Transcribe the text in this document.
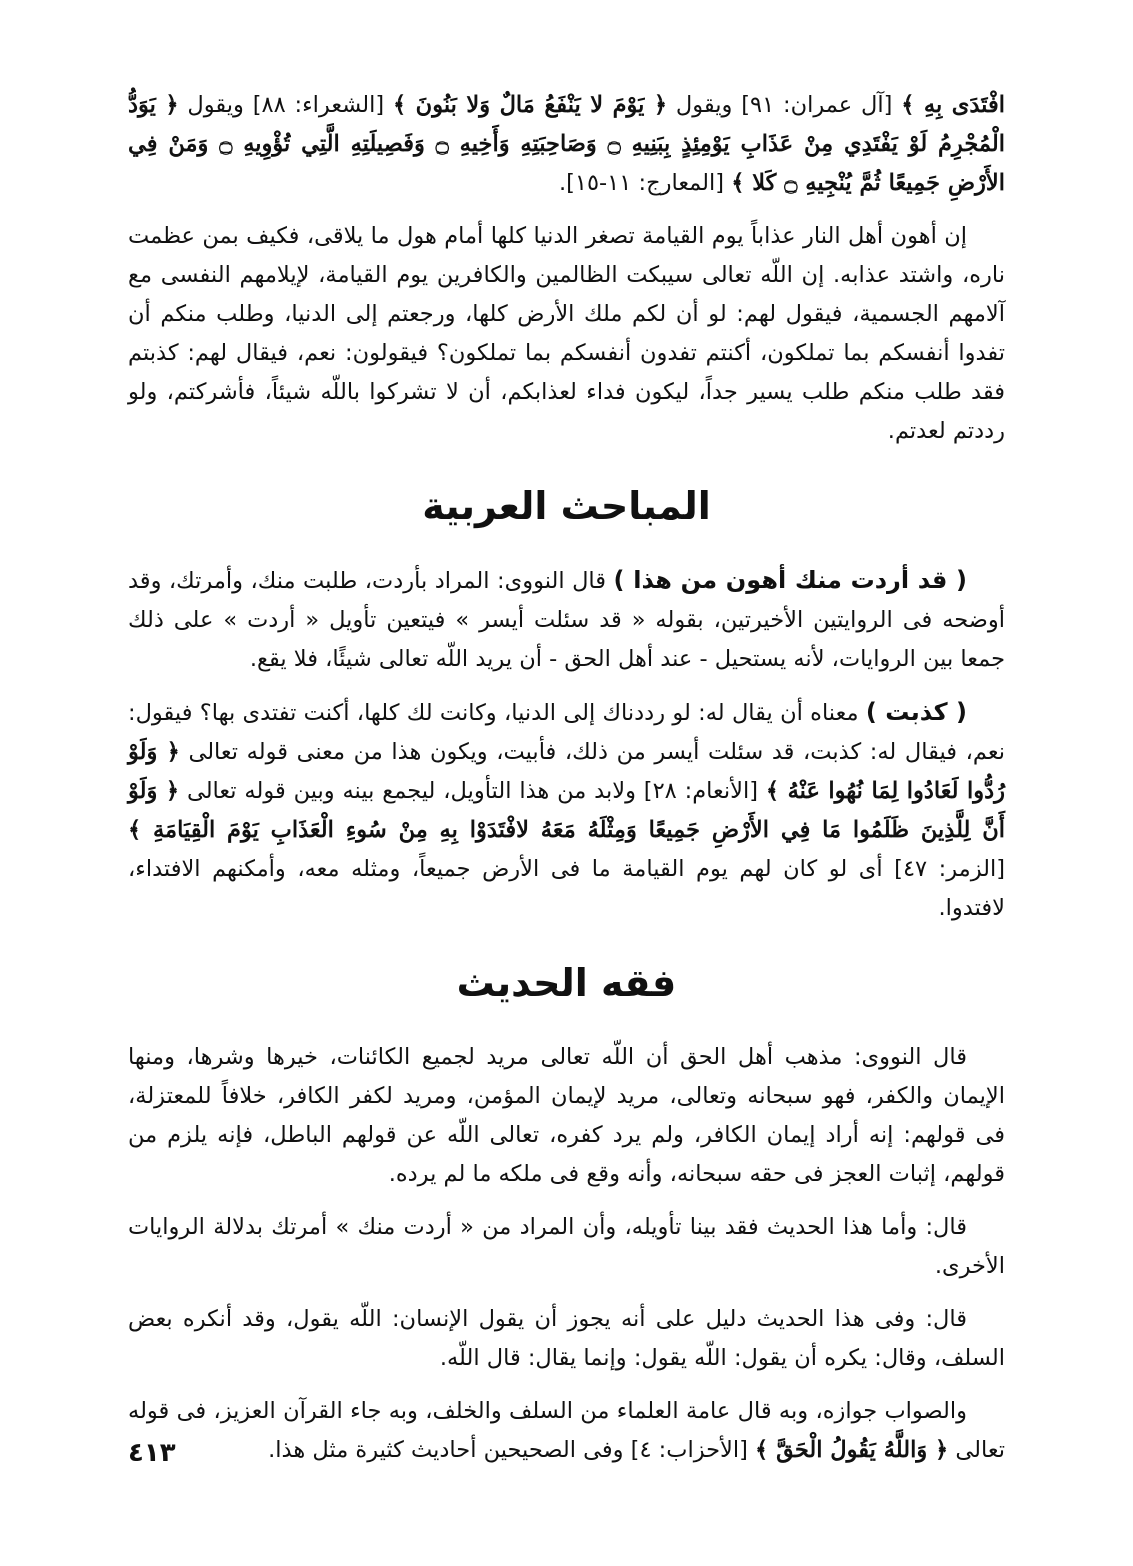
افْتَدَى بِهِ ﴾ [آل عمران: ٩١] ويقول ﴿ يَوْمَ لا يَنْفَعُ مَالٌ وَلا بَنُونَ ﴾ [الشعراء: ٨٨] ويقول ﴿ يَوَدُّ الْمُجْرِمُ لَوْ يَفْتَدِي مِنْ عَذَابِ يَوْمِئِذٍ بِبَنِيهِ ۝ وَصَاحِبَتِهِ وَأَخِيهِ ۝ وَفَصِيلَتِهِ الَّتِي تُؤْوِيهِ ۝ وَمَنْ فِي الأَرْضِ جَمِيعًا ثُمَّ يُنْجِيهِ ۝ كَلا ﴾ [المعارج: ١١-١٥].

إن أهون أهل النار عذاباً يوم القيامة تصغر الدنيا كلها أمام هول ما يلاقى، فكيف بمن عظمت ناره، واشتد عذابه. إن اللّه تعالى سيبكت الظالمين والكافرين يوم القيامة، لإيلامهم النفسى مع آلامهم الجسمية، فيقول لهم: لو أن لكم ملك الأرض كلها، ورجعتم إلى الدنيا، وطلب منكم أن تفدوا أنفسكم بما تملكون، أكنتم تفدون أنفسكم بما تملكون؟ فيقولون: نعم، فيقال لهم: كذبتم فقد طلب منكم طلب يسير جداً، ليكون فداء لعذابكم، أن لا تشركوا باللّه شيئاً، فأشركتم، ولو رددتم لعدتم.

المباحث العربية

( قد أردت منك أهون من هذا ) قال النووى: المراد بأردت، طلبت منك، وأمرتك، وقد أوضحه فى الروايتين الأخيرتين، بقوله « قد سئلت أيسر » فيتعين تأويل « أردت » على ذلك جمعا بين الروايات، لأنه يستحيل - عند أهل الحق - أن يريد اللّه تعالى شيئًا، فلا يقع.

( كذبت ) معناه أن يقال له: لو رددناك إلى الدنيا، وكانت لك كلها، أكنت تفتدى بها؟ فيقول: نعم، فيقال له: كذبت، قد سئلت أيسر من ذلك، فأبيت، ويكون هذا من معنى قوله تعالى ﴿ وَلَوْ رُدُّوا لَعَادُوا لِمَا نُهُوا عَنْهُ ﴾ [الأنعام: ٢٨] ولابد من هذا التأويل، ليجمع بينه وبين قوله تعالى ﴿ وَلَوْ أَنَّ لِلَّذِينَ ظَلَمُوا مَا فِي الأَرْضِ جَمِيعًا وَمِثْلَهُ مَعَهُ لافْتَدَوْا بِهِ مِنْ سُوءِ الْعَذَابِ يَوْمَ الْقِيَامَةِ ﴾ [الزمر: ٤٧] أى لو كان لهم يوم القيامة ما فى الأرض جميعاً، ومثله معه، وأمكنهم الافتداء، لافتدوا.

فقه الحديث

قال النووى: مذهب أهل الحق أن اللّه تعالى مريد لجميع الكائنات، خيرها وشرها، ومنها الإيمان والكفر، فهو سبحانه وتعالى، مريد لإيمان المؤمن، ومريد لكفر الكافر، خلافاً للمعتزلة، فى قولهم: إنه أراد إيمان الكافر، ولم يرد كفره، تعالى اللّه عن قولهم الباطل، فإنه يلزم من قولهم، إثبات العجز فى حقه سبحانه، وأنه وقع فى ملكه ما لم يرده.

قال: وأما هذا الحديث فقد بينا تأويله، وأن المراد من « أردت منك » أمرتك بدلالة الروايات الأخرى.

قال: وفى هذا الحديث دليل على أنه يجوز أن يقول الإنسان: اللّه يقول، وقد أنكره بعض السلف، وقال: يكره أن يقول: اللّه يقول: وإنما يقال: قال اللّه.

والصواب جوازه، وبه قال عامة العلماء من السلف والخلف، وبه جاء القرآن العزيز، فى قوله تعالى ﴿ وَاللَّهُ يَقُولُ الْحَقَّ ﴾ [الأحزاب: ٤] وفى الصحيحين أحاديث كثيرة مثل هذا.

٤١٣
